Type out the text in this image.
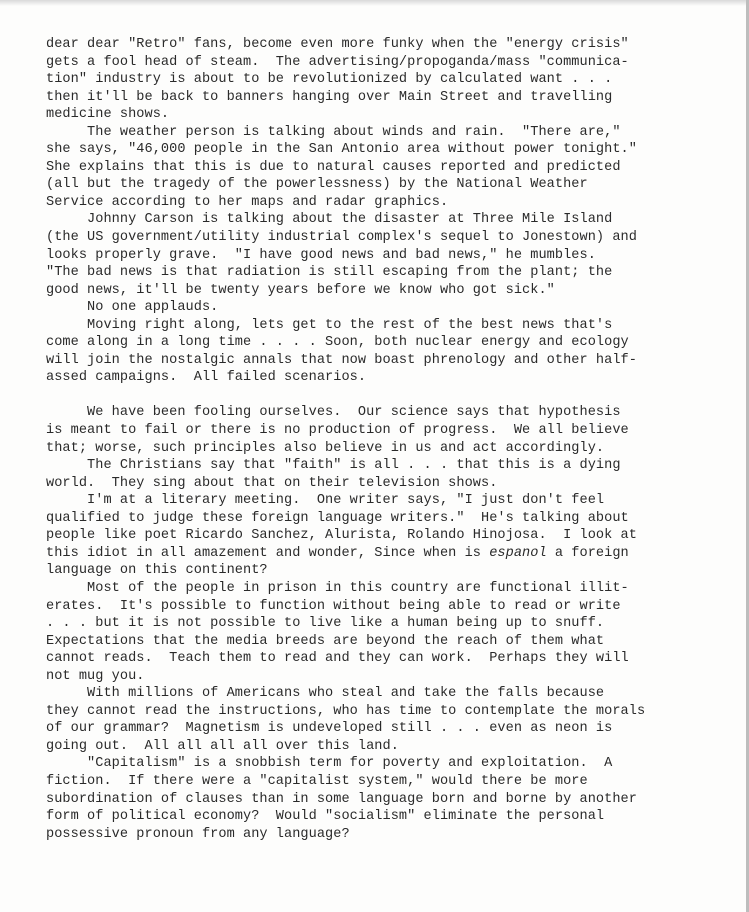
dear dear "Retro" fans, become even more funky when the "energy crisis"
gets a fool head of steam.  The advertising/propoganda/mass "communica-
tion" industry is about to be revolutionized by calculated want . . .
then it'll be back to banners hanging over Main Street and travelling
medicine shows.
The weather person is talking about winds and rain.  "There are,"
she says, "46,000 people in the San Antonio area without power tonight."
She explains that this is due to natural causes reported and predicted
(all but the tragedy of the powerlessness) by the National Weather
Service according to her maps and radar graphics.
Johnny Carson is talking about the disaster at Three Mile Island
(the US government/utility industrial complex's sequel to Jonestown) and
looks properly grave.  "I have good news and bad news," he mumbles.
"The bad news is that radiation is still escaping from the plant; the
good news, it'll be twenty years before we know who got sick."
No one applauds.
Moving right along, lets get to the rest of the best news that's
come along in a long time . . . . Soon, both nuclear energy and ecology
will join the nostalgic annals that now boast phrenology and other half-
assed campaigns.  All failed scenarios.
We have been fooling ourselves.  Our science says that hypothesis
is meant to fail or there is no production of progress.  We all believe
that; worse, such principles also believe in us and act accordingly.
The Christians say that "faith" is all . . . that this is a dying
world.  They sing about that on their television shows.
I'm at a literary meeting.  One writer says, "I just don't feel
qualified to judge these foreign language writers."  He's talking about
people like poet Ricardo Sanchez, Alurista, Rolando Hinojosa.  I look at
this idiot in all amazement and wonder, Since when is espanol a foreign
language on this continent?
Most of the people in prison in this country are functional illit-
erates.  It's possible to function without being able to read or write
. . . but it is not possible to live like a human being up to snuff.
Expectations that the media breeds are beyond the reach of them what
cannot reads.  Teach them to read and they can work.  Perhaps they will
not mug you.
With millions of Americans who steal and take the falls because
they cannot read the instructions, who has time to contemplate the morals
of our grammar?  Magnetism is undeveloped still . . . even as neon is
going out.  All all all all over this land.
"Capitalism" is a snobbish term for poverty and exploitation.  A
fiction.  If there were a "capitalist system," would there be more
subordination of clauses than in some language born and borne by another
form of political economy?  Would "socialism" eliminate the personal
possessive pronoun from any language?
